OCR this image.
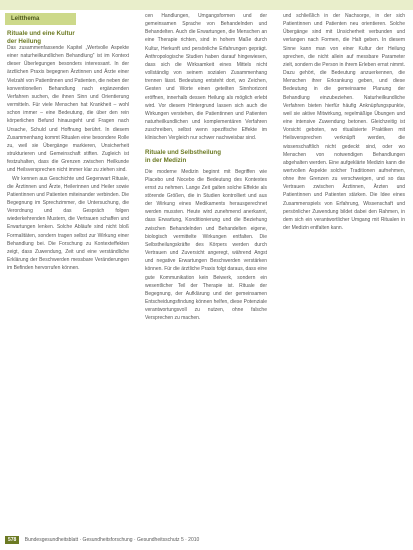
Leitthema
Rituale und eine Kultur
der Heilung

Das zusammenfassende Kapitel „Wertvolle Aspekte einer naturheilkundlichen Behandlung“ ist im Kontext dieser Überlegungen besonders interessant. In der ärztlichen Praxis begegnen Ärztinnen und Ärzte einer Vielzahl von Patientinnen und Patienten, die neben der konventionellen Behandlung nach ergänzenden Verfahren suchen, die ihnen Sinn und Orientierung vermitteln. Für viele Menschen hat Krankheit – wohl schon immer – eine Bedeutung, die über den rein körperlichen Befund hinausgeht und Fragen nach Ursache, Schuld und Hoffnung berührt. In diesem Zusammenhang kommt Ritualen eine besondere Rolle zu, weil sie Übergänge markieren, Unsicherheit strukturieren und Gemeinschaft stiften. Zugleich ist festzuhalten, dass die Grenzen zwischen Heilkunde und Heilsversprechen nicht immer klar zu ziehen sind.

Wir kennen aus Geschichte und Gegenwart Rituale, die Ärztinnen und Ärzte, Heilerinnen und Heiler sowie Patientinnen und Patienten miteinander verbinden. Die Begegnung im Sprechzimmer, die Untersuchung, die Verordnung und das Gespräch folgen wiederkehrenden Mustern, die Vertrauen schaffen und Erwartungen lenken. Solche Abläufe sind nicht bloß Formalitäten, sondern tragen selbst zur Wirkung einer Behandlung bei. Die Forschung zu Kontexteffekten zeigt, dass Zuwendung, Zeit und eine verständliche Erklärung der Beschwerden messbare Veränderungen im Befinden hervorrufen können.

cen Handlungen, Umgangsformen und der gemeinsamen Sprache von Behandelnden und Behandelten. Auch die Erwartungen, die Menschen an eine Therapie richten, sind in hohem Maße durch Kultur, Herkunft und persönliche Erfahrungen geprägt. Anthropologische Studien haben darauf hingewiesen, dass sich die Wirksamkeit eines Mittels nicht vollständig von seinem sozialen Zusammenhang trennen lässt. Bedeutung entsteht dort, wo Zeichen, Gesten und Worte einen geteilten Sinnhorizont eröffnen, innerhalb dessen Heilung als möglich erlebt wird. Vor diesem Hintergrund lassen sich auch die Wirkungen verstehen, die Patientinnen und Patienten naturheilkundlichen und komplementären Verfahren zuschreiben, selbst wenn spezifische Effekte im klinischen Vergleich nur schwer nachweisbar sind.

Rituale und Selbstheilung
in der Medizin

Die moderne Medizin beginnt mit Begriffen wie Placebo und Nocebo die Bedeutung des Kontextes ernst zu nehmen. Lange Zeit galten solche Effekte als störende Größen, die in Studien kontrolliert und aus der Wirkung eines Medikaments herausgerechnet werden mussten. Heute wird zunehmend anerkannt, dass Erwartung, Konditionierung und die Beziehung zwischen Behandelnden und Behandelten eigene, biologisch vermittelte Wirkungen entfalten. Die Selbstheilungskräfte des Körpers werden durch Vertrauen und Zuversicht angeregt, während Angst und negative Erwartungen Beschwerden verstärken können. Für die ärztliche Praxis folgt daraus, dass eine gute Kommunikation kein Beiwerk, sondern ein wesentlicher Teil der Therapie ist. Rituale der Begegnung, der Aufklärung und der gemeinsamen Entscheidungsfindung können helfen, diese Potenziale verantwortungsvoll zu nutzen, ohne falsche Versprechen zu machen.

und schließlich in der Nachsorge, in der sich Patientinnen und Patienten neu orientieren. Solche Übergänge sind mit Unsicherheit verbunden und verlangen nach Formen, die Halt geben. In diesem Sinne kann man von einer Kultur der Heilung sprechen, die nicht allein auf messbare Parameter zielt, sondern die Person in ihrem Erleben ernst nimmt. Dazu gehört, die Bedeutung anzuerkennen, die Menschen ihrer Erkrankung geben, und diese Bedeutung in die gemeinsame Planung der Behandlung einzubeziehen. Naturheilkundliche Verfahren bieten hierfür häufig Anknüpfungspunkte, weil sie aktive Mitwirkung, regelmäßige Übungen und eine intensive Zuwendung betonen. Gleichzeitig ist Vorsicht geboten, wo ritualisierte Praktiken mit Heilsversprechen verknüpft werden, die wissenschaftlich nicht gedeckt sind, oder wo Menschen von notwendigen Behandlungen abgehalten werden. Eine aufgeklärte Medizin kann die wertvollen Aspekte solcher Traditionen aufnehmen, ohne ihre Grenzen zu verschweigen, und so das Vertrauen zwischen Ärztinnen, Ärzten und Patientinnen und Patienten stärken. Die Idee eines Zusammenspiels von Erfahrung, Wissenschaft und persönlicher Zuwendung bildet dabei den Rahmen, in dem sich ein verantwortlicher Umgang mit Ritualen in der Medizin entfalten kann.

578 Bundesgesundheitsblatt · Gesundheitsforschung · Gesundheitsschutz 5 · 2010
